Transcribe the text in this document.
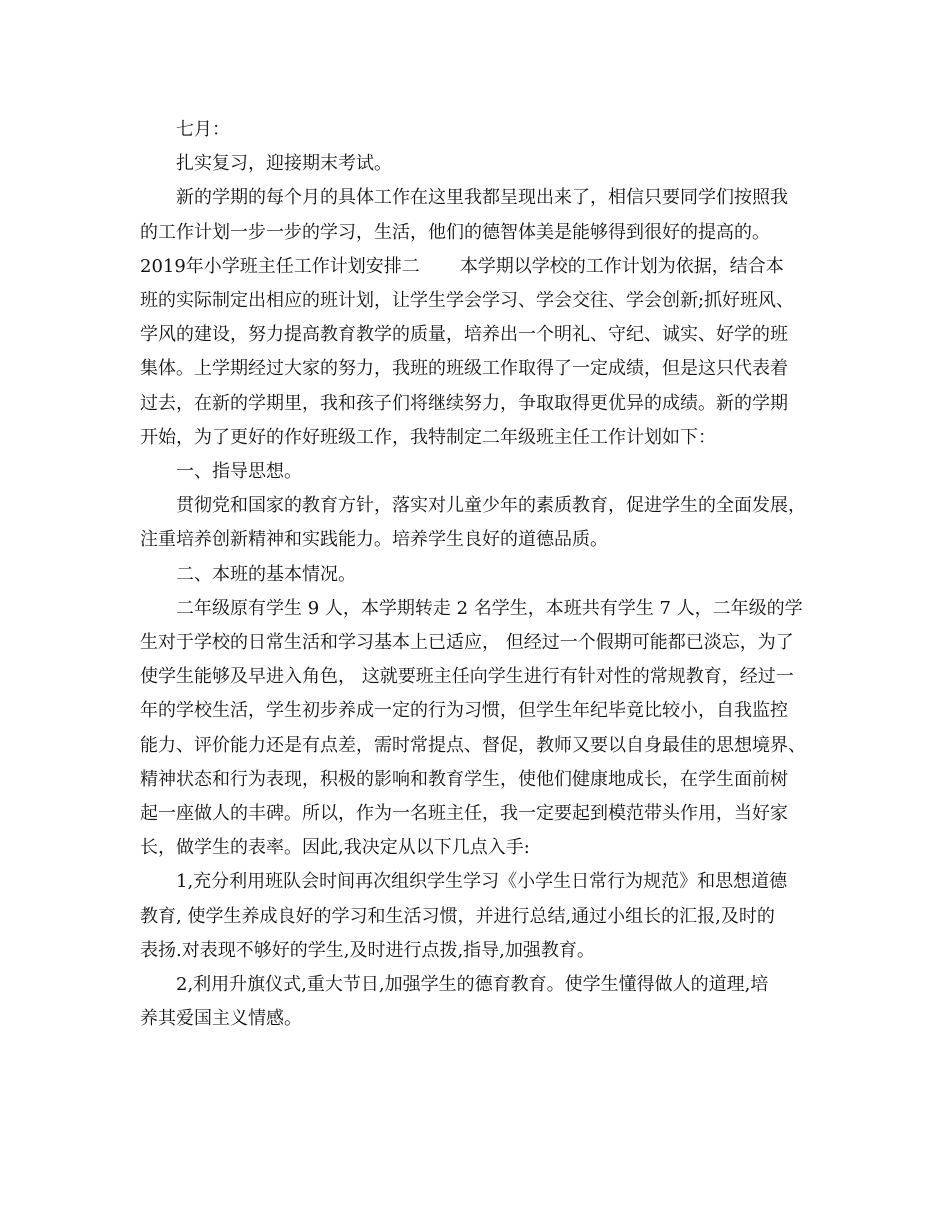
七月：
扎实复习，迎接期末考试。
新的学期的每个月的具体工作在这里我都呈现出来了，相信只要同学们按照我
的工作计划一步一步的学习，生活，他们的德智体美是能够得到很好的提高的。
2019年小学班主任工作计划安排二 本学期以学校的工作计划为依据，结合本
班的实际制定出相应的班计划，让学生学会学习、学会交往、学会创新;抓好班风、
学风的建设，努力提高教育教学的质量，培养出一个明礼、守纪、诚实、好学的班
集体。上学期经过大家的努力，我班的班级工作取得了一定成绩，但是这只代表着
过去，在新的学期里，我和孩子们将继续努力，争取取得更优异的成绩。新的学期
开始，为了更好的作好班级工作，我特制定二年级班主任工作计划如下：
一、指导思想。
贯彻党和国家的教育方针，落实对儿童少年的素质教育，促进学生的全面发展，
注重培养创新精神和实践能力。培养学生良好的道德品质。
二、本班的基本情况。
二年级原有学生 9 人，本学期转走 2 名学生，本班共有学生 7 人，二年级的学
生对于学校的日常生活和学习基本上已适应， 但经过一个假期可能都已淡忘，为了
使学生能够及早进入角色， 这就要班主任向学生进行有针对性的常规教育，经过一
年的学校生活，学生初步养成一定的行为习惯，但学生年纪毕竟比较小，自我监控
能力、评价能力还是有点差，需时常提点、督促，教师又要以自身最佳的思想境界、
精神状态和行为表现，积极的影响和教育学生，使他们健康地成长，在学生面前树
起一座做人的丰碑。所以，作为一名班主任，我一定要起到模范带头作用，当好家
长，做学生的表率。因此,我决定从以下几点入手:
1,充分利用班队会时间再次组织学生学习《小学生日常行为规范》和思想道德
教育, 使学生养成良好的学习和生活习惯，并进行总结,通过小组长的汇报,及时的
表扬.对表现不够好的学生,及时进行点拨,指导,加强教育。
2,利用升旗仪式,重大节日,加强学生的德育教育。使学生懂得做人的道理,培
养其爱国主义情感。
